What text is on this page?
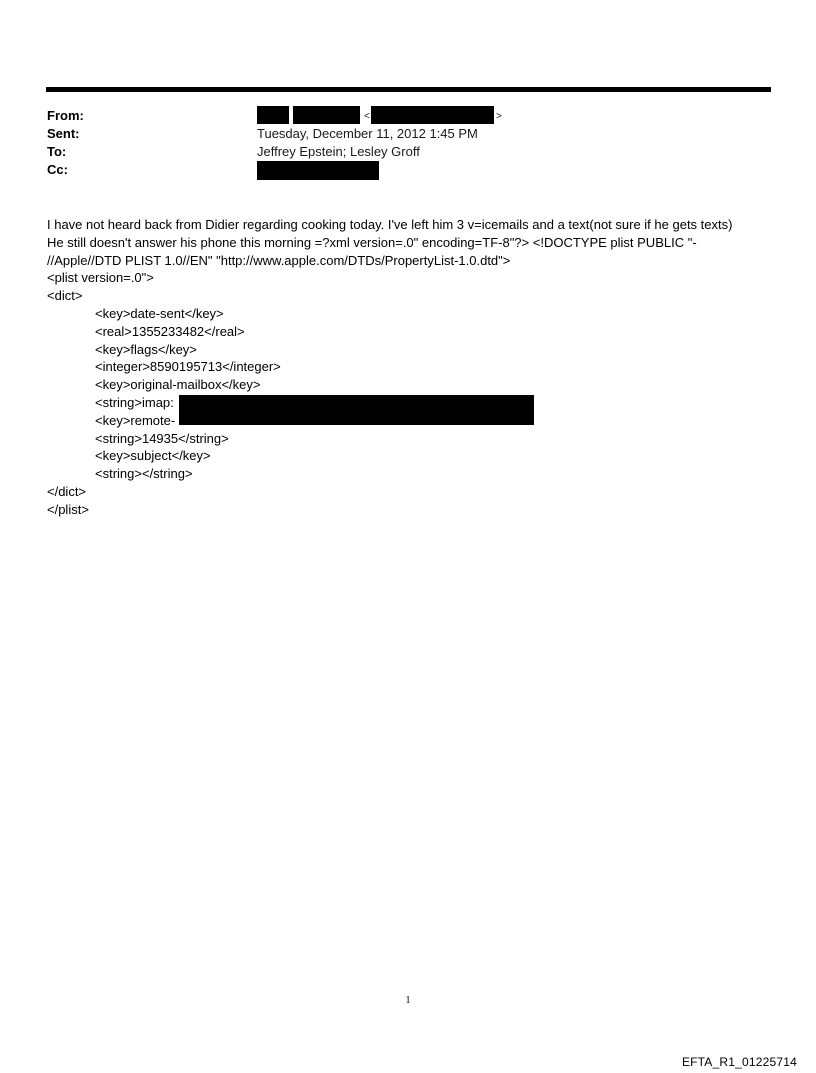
From:
Sent:
To:
Cc:
<	>
Tuesday, December 11, 2012 1:45 PM
Jeffrey Epstein; Lesley Groff
I have not heard back from Didier regarding cooking today. I've left him 3 v=icemails and a text(not sure if he gets texts)
He still doesn't answer his phone this morning =?xml version=.0" encoding=TF-8"?> <!DOCTYPE plist PUBLIC "-
//Apple//DTD PLIST 1.0//EN" "http://www.apple.com/DTDs/PropertyList-1.0.dtd">
<plist version=.0">
<dict>
<key>date-sent</key>
<real>1355233482</real>
<key>flags</key>
<integer>8590195713</integer>
<key>original-mailbox</key>
<string>imap:
<key>remote-
<string>14935</string>
<key>subject</key>
<string></string>
</dict>
</plist>
1
EFTA_R1_01225714
